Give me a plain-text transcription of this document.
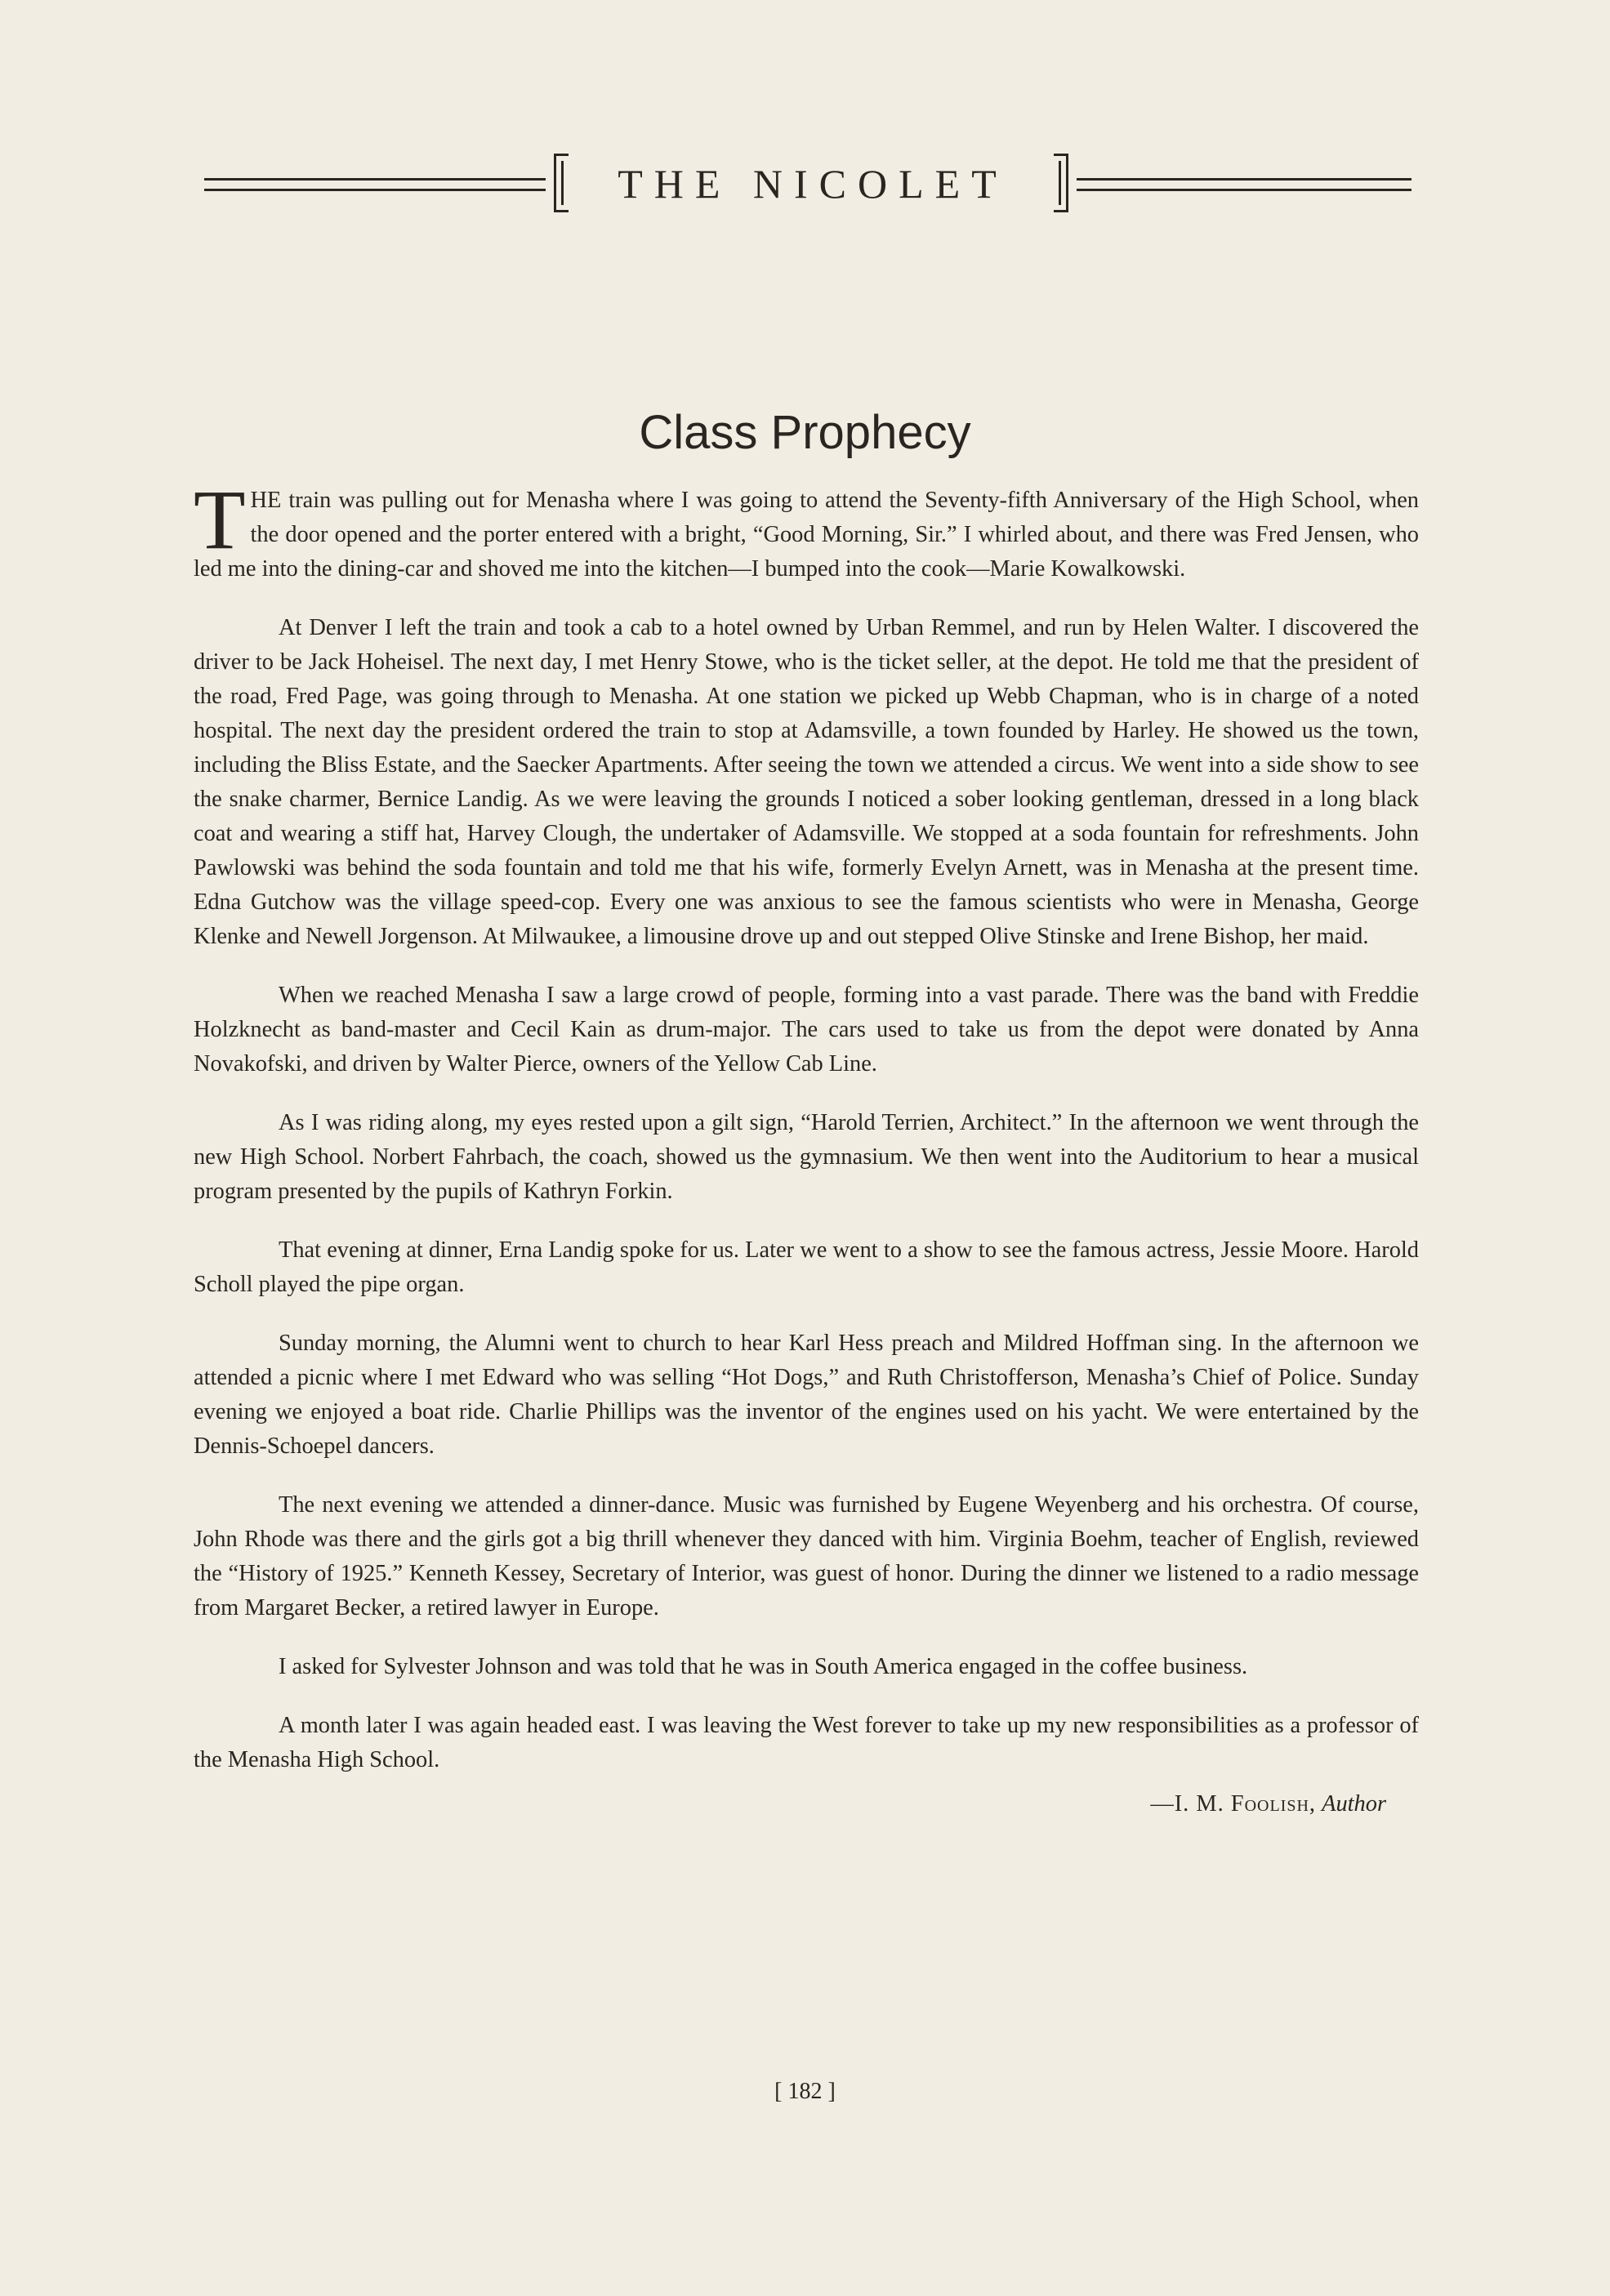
THE NICOLET
Class Prophecy

THE train was pulling out for Menasha where I was going to attend the Seventy-fifth Anniversary of the High School, when the door opened and the porter entered with a bright, “Good Morning, Sir.” I whirled about, and there was Fred Jensen, who led me into the dining-car and shoved me into the kitchen—I bumped into the cook—Marie Kowalkowski.

At Denver I left the train and took a cab to a hotel owned by Urban Remmel, and run by Helen Walter. I discovered the driver to be Jack Hoheisel. The next day, I met Henry Stowe, who is the ticket seller, at the depot. He told me that the president of the road, Fred Page, was going through to Menasha. At one station we picked up Webb Chapman, who is in charge of a noted hospital. The next day the president ordered the train to stop at Adamsville, a town founded by Harley. He showed us the town, including the Bliss Estate, and the Saecker Apartments. After seeing the town we attended a circus. We went into a side show to see the snake charmer, Bernice Landig. As we were leaving the grounds I noticed a sober looking gentleman, dressed in a long black coat and wearing a stiff hat, Harvey Clough, the undertaker of Adamsville. We stopped at a soda fountain for refreshments. John Pawlowski was behind the soda fountain and told me that his wife, formerly Evelyn Arnett, was in Menasha at the present time. Edna Gutchow was the village speed-cop. Every one was anxious to see the famous scientists who were in Menasha, George Klenke and Newell Jorgenson. At Milwaukee, a limousine drove up and out stepped Olive Stinske and Irene Bishop, her maid.

When we reached Menasha I saw a large crowd of people, forming into a vast parade. There was the band with Freddie Holzknecht as band-master and Cecil Kain as drum-major. The cars used to take us from the depot were donated by Anna Novakofski, and driven by Walter Pierce, owners of the Yellow Cab Line.

As I was riding along, my eyes rested upon a gilt sign, “Harold Terrien, Architect.” In the afternoon we went through the new High School. Norbert Fahrbach, the coach, showed us the gymnasium. We then went into the Auditorium to hear a musical program presented by the pupils of Kathryn Forkin.

That evening at dinner, Erna Landig spoke for us. Later we went to a show to see the famous actress, Jessie Moore. Harold Scholl played the pipe organ.

Sunday morning, the Alumni went to church to hear Karl Hess preach and Mildred Hoffman sing. In the afternoon we attended a picnic where I met Edward who was selling “Hot Dogs,” and Ruth Christofferson, Menasha’s Chief of Police. Sunday evening we enjoyed a boat ride. Charlie Phillips was the inventor of the engines used on his yacht. We were entertained by the Dennis-Schoepel dancers.

The next evening we attended a dinner-dance. Music was furnished by Eugene Weyenberg and his orchestra. Of course, John Rhode was there and the girls got a big thrill whenever they danced with him. Virginia Boehm, teacher of English, reviewed the “History of 1925.” Kenneth Kessey, Secretary of Interior, was guest of honor. During the dinner we listened to a radio message from Margaret Becker, a retired lawyer in Europe.

I asked for Sylvester Johnson and was told that he was in South America engaged in the coffee business.

A month later I was again headed east. I was leaving the West forever to take up my new responsibilities as a professor of the Menasha High School.

—I. M. Foolish, Author
[ 182 ]
